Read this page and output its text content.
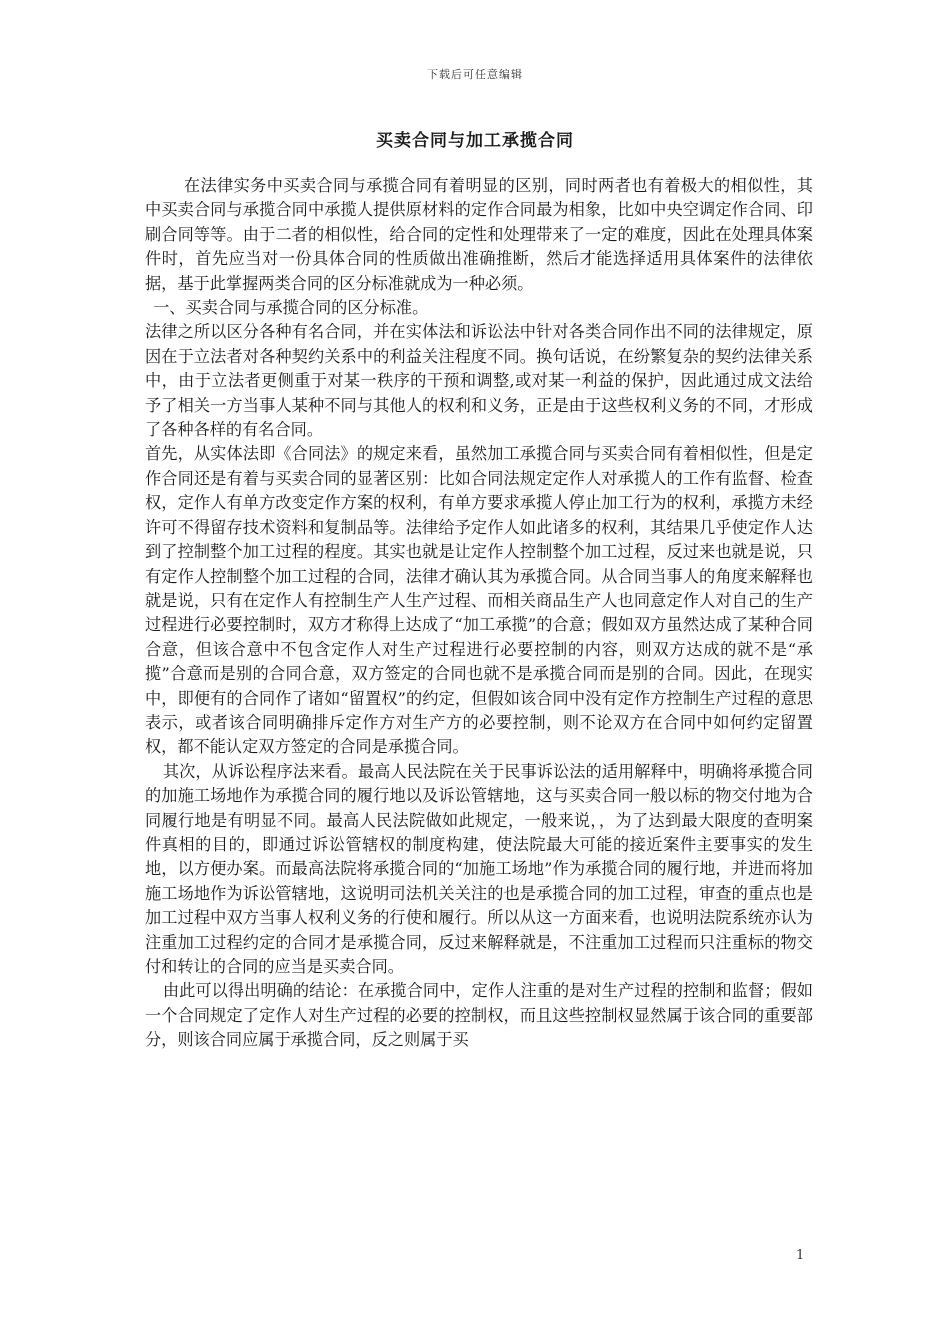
下载后可任意编辑
买卖合同与加工承揽合同

在法律实务中买卖合同与承揽合同有着明显的区别，同时两者也有着极大的相似性，其中买卖合同与承揽合同中承揽人提供原材料的定作合同最为相象，比如中央空调定作合同、印刷合同等等。由于二者的相似性，给合同的定性和处理带来了一定的难度，因此在处理具体案件时，首先应当对一份具体合同的性质做出准确推断，然后才能选择适用具体案件的法律依据，基于此掌握两类合同的区分标准就成为一种必须。

一、买卖合同与承揽合同的区分标准。

法律之所以区分各种有名合同，并在实体法和诉讼法中针对各类合同作出不同的法律规定，原因在于立法者对各种契约关系中的利益关注程度不同。换句话说，在纷繁复杂的契约法律关系中，由于立法者更侧重于对某一秩序的干预和调整,或对某一利益的保护，因此通过成文法给予了相关一方当事人某种不同与其他人的权利和义务，正是由于这些权利义务的不同，才形成了各种各样的有名合同。

首先，从实体法即《合同法》的规定来看，虽然加工承揽合同与买卖合同有着相似性，但是定作合同还是有着与买卖合同的显著区别：比如合同法规定定作人对承揽人的工作有监督、检查权，定作人有单方改变定作方案的权利，有单方要求承揽人停止加工行为的权利，承揽方未经许可不得留存技术资料和复制品等。法律给予定作人如此诸多的权利，其结果几乎使定作人达到了控制整个加工过程的程度。其实也就是让定作人控制整个加工过程，反过来也就是说，只有定作人控制整个加工过程的合同，法律才确认其为承揽合同。从合同当事人的角度来解释也就是说，只有在定作人有控制生产人生产过程、而相关商品生产人也同意定作人对自己的生产过程进行必要控制时，双方才称得上达成了“加工承揽”的合意；假如双方虽然达成了某种合同合意，但该合意中不包含定作人对生产过程进行必要控制的内容，则双方达成的就不是“承揽”合意而是别的合同合意，双方签定的合同也就不是承揽合同而是别的合同。因此，在现实中，即便有的合同作了诸如“留置权”的约定，但假如该合同中没有定作方控制生产过程的意思表示，或者该合同明确排斥定作方对生产方的必要控制，则不论双方在合同中如何约定留置权，都不能认定双方签定的合同是承揽合同。

其次，从诉讼程序法来看。最高人民法院在关于民事诉讼法的适用解释中，明确将承揽合同的加施工场地作为承揽合同的履行地以及诉讼管辖地，这与买卖合同一般以标的物交付地为合同履行地是有明显不同。最高人民法院做如此规定，一般来说，，为了达到最大限度的查明案件真相的目的，即通过诉讼管辖权的制度构建，使法院最大可能的接近案件主要事实的发生地，以方便办案。而最高法院将承揽合同的“加施工场地”作为承揽合同的履行地，并进而将加施工场地作为诉讼管辖地，这说明司法机关关注的也是承揽合同的加工过程，审查的重点也是加工过程中双方当事人权利义务的行使和履行。所以从这一方面来看，也说明法院系统亦认为注重加工过程约定的合同才是承揽合同，反过来解释就是，不注重加工过程而只注重标的物交付和转让的合同的应当是买卖合同。

由此可以得出明确的结论：在承揽合同中，定作人注重的是对生产过程的控制和监督；假如一个合同规定了定作人对生产过程的必要的控制权，而且这些控制权显然属于该合同的重要部分，则该合同应属于承揽合同，反之则属于买

1
